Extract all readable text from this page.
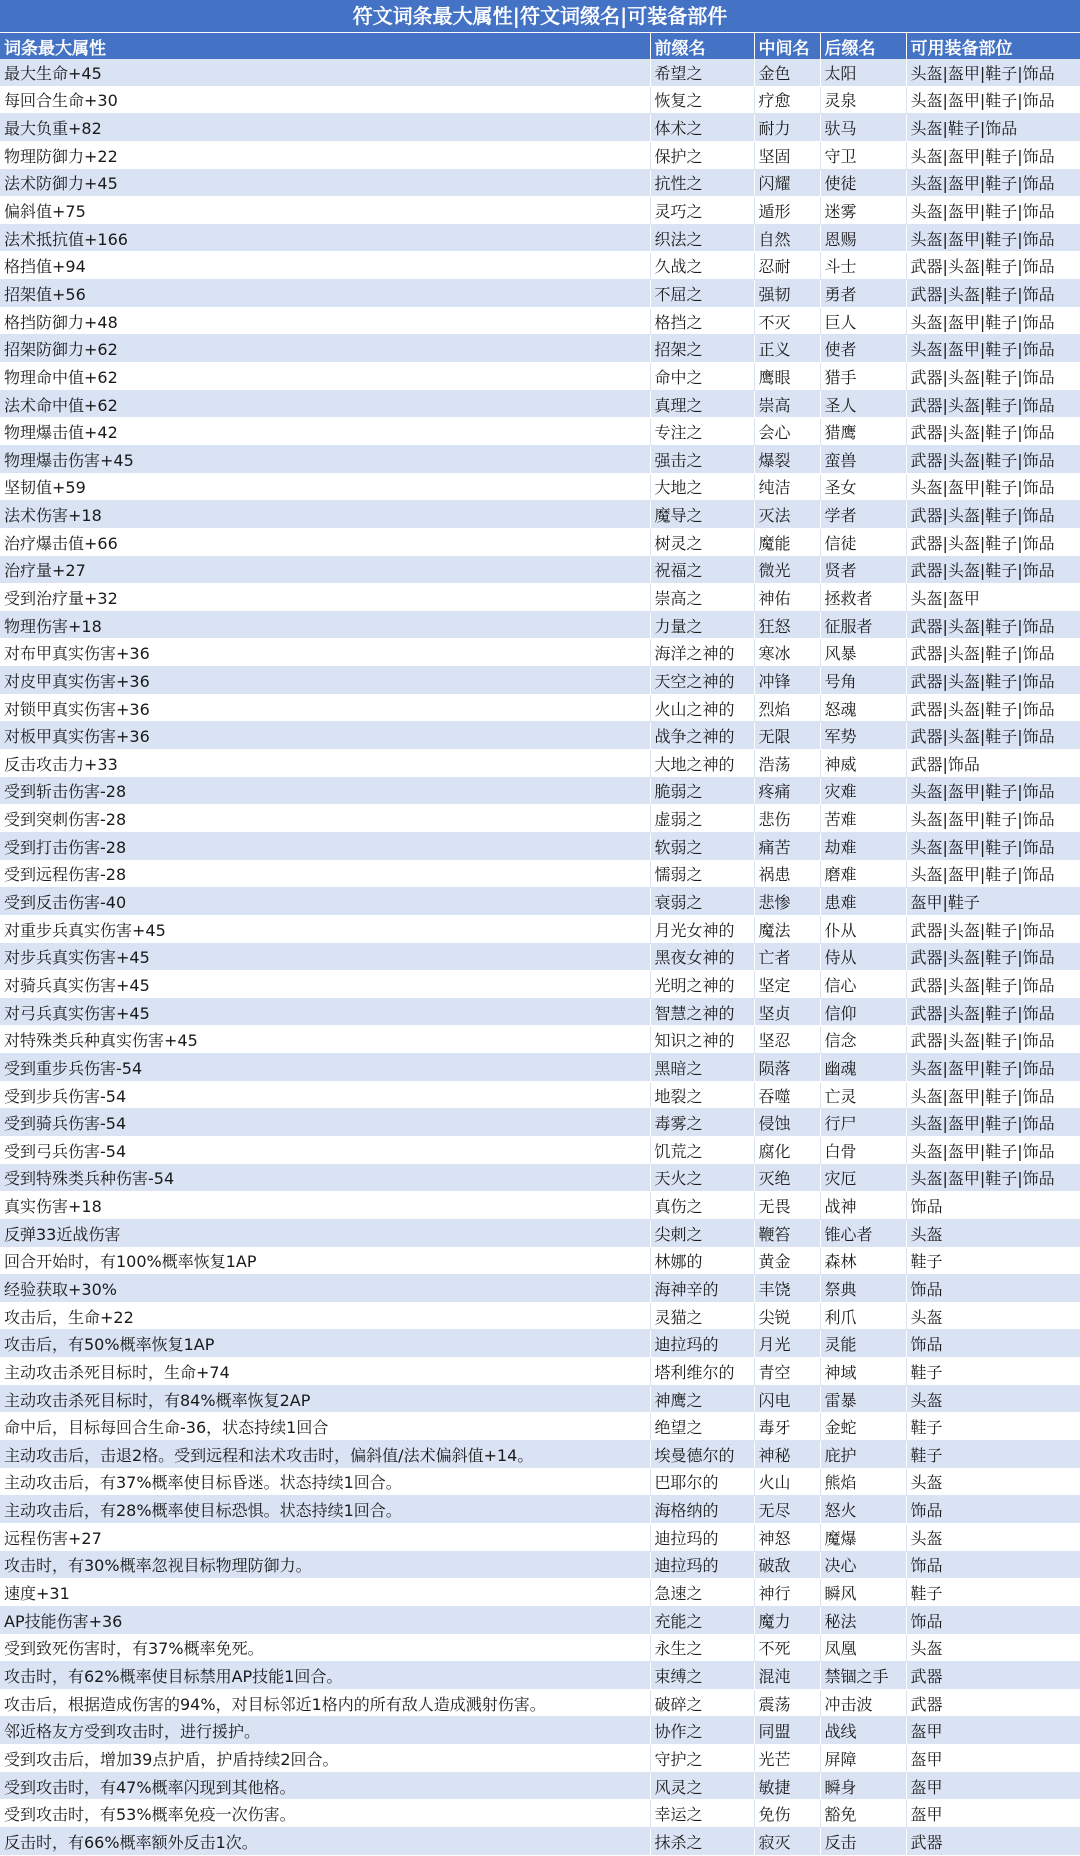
符文词条最大属性|符文词缀名|可装备部件
词条最大属性	前缀名	中间名	后缀名	可用装备部位
最大生命+45	希望之	金色	太阳	头盔|盔甲|鞋子|饰品
每回合生命+30	恢复之	疗愈	灵泉	头盔|盔甲|鞋子|饰品
最大负重+82	体术之	耐力	驮马	头盔|鞋子|饰品
物理防御力+22	保护之	坚固	守卫	头盔|盔甲|鞋子|饰品
法术防御力+45	抗性之	闪耀	使徒	头盔|盔甲|鞋子|饰品
偏斜值+75	灵巧之	遁形	迷雾	头盔|盔甲|鞋子|饰品
法术抵抗值+166	织法之	自然	恩赐	头盔|盔甲|鞋子|饰品
格挡值+94	久战之	忍耐	斗士	武器|头盔|鞋子|饰品
招架值+56	不屈之	强韧	勇者	武器|头盔|鞋子|饰品
格挡防御力+48	格挡之	不灭	巨人	头盔|盔甲|鞋子|饰品
招架防御力+62	招架之	正义	使者	头盔|盔甲|鞋子|饰品
物理命中值+62	命中之	鹰眼	猎手	武器|头盔|鞋子|饰品
法术命中值+62	真理之	崇高	圣人	武器|头盔|鞋子|饰品
物理爆击值+42	专注之	会心	猎鹰	武器|头盔|鞋子|饰品
物理爆击伤害+45	强击之	爆裂	蛮兽	武器|头盔|鞋子|饰品
坚韧值+59	大地之	纯洁	圣女	头盔|盔甲|鞋子|饰品
法术伤害+18	魔导之	灭法	学者	武器|头盔|鞋子|饰品
治疗爆击值+66	树灵之	魔能	信徒	武器|头盔|鞋子|饰品
治疗量+27	祝福之	微光	贤者	武器|头盔|鞋子|饰品
受到治疗量+32	崇高之	神佑	拯救者	头盔|盔甲
物理伤害+18	力量之	狂怒	征服者	武器|头盔|鞋子|饰品
对布甲真实伤害+36	海洋之神的	寒冰	风暴	武器|头盔|鞋子|饰品
对皮甲真实伤害+36	天空之神的	冲锋	号角	武器|头盔|鞋子|饰品
对锁甲真实伤害+36	火山之神的	烈焰	怒魂	武器|头盔|鞋子|饰品
对板甲真实伤害+36	战争之神的	无限	军势	武器|头盔|鞋子|饰品
反击攻击力+33	大地之神的	浩荡	神威	武器|饰品
受到斩击伤害-28	脆弱之	疼痛	灾难	头盔|盔甲|鞋子|饰品
受到突刺伤害-28	虚弱之	悲伤	苦难	头盔|盔甲|鞋子|饰品
受到打击伤害-28	软弱之	痛苦	劫难	头盔|盔甲|鞋子|饰品
受到远程伤害-28	懦弱之	祸患	磨难	头盔|盔甲|鞋子|饰品
受到反击伤害-40	衰弱之	悲惨	患难	盔甲|鞋子
对重步兵真实伤害+45	月光女神的	魔法	仆从	武器|头盔|鞋子|饰品
对步兵真实伤害+45	黑夜女神的	亡者	侍从	武器|头盔|鞋子|饰品
对骑兵真实伤害+45	光明之神的	坚定	信心	武器|头盔|鞋子|饰品
对弓兵真实伤害+45	智慧之神的	坚贞	信仰	武器|头盔|鞋子|饰品
对特殊类兵种真实伤害+45	知识之神的	坚忍	信念	武器|头盔|鞋子|饰品
受到重步兵伤害-54	黑暗之	陨落	幽魂	头盔|盔甲|鞋子|饰品
受到步兵伤害-54	地裂之	吞噬	亡灵	头盔|盔甲|鞋子|饰品
受到骑兵伤害-54	毒雾之	侵蚀	行尸	头盔|盔甲|鞋子|饰品
受到弓兵伤害-54	饥荒之	腐化	白骨	头盔|盔甲|鞋子|饰品
受到特殊类兵种伤害-54	天火之	灭绝	灾厄	头盔|盔甲|鞋子|饰品
真实伤害+18	真伤之	无畏	战神	饰品
反弹33近战伤害	尖刺之	鞭笞	锥心者	头盔
回合开始时，有100%概率恢复1AP	林娜的	黄金	森林	鞋子
经验获取+30%	海神辛的	丰饶	祭典	饰品
攻击后，生命+22	灵猫之	尖锐	利爪	头盔
攻击后，有50%概率恢复1AP	迪拉玛的	月光	灵能	饰品
主动攻击杀死目标时，生命+74	塔利维尔的	青空	神域	鞋子
主动攻击杀死目标时，有84%概率恢复2AP	神鹰之	闪电	雷暴	头盔
命中后，目标每回合生命-36，状态持续1回合	绝望之	毒牙	金蛇	鞋子
主动攻击后，击退2格。受到远程和法术攻击时，偏斜值/法术偏斜值+14。	埃曼德尔的	神秘	庇护	鞋子
主动攻击后，有37%概率使目标昏迷。状态持续1回合。	巴耶尔的	火山	熊焰	头盔
主动攻击后，有28%概率使目标恐惧。状态持续1回合。	海格纳的	无尽	怒火	饰品
远程伤害+27	迪拉玛的	神怒	魔爆	头盔
攻击时，有30%概率忽视目标物理防御力。	迪拉玛的	破敌	决心	饰品
速度+31	急速之	神行	瞬风	鞋子
AP技能伤害+36	充能之	魔力	秘法	饰品
受到致死伤害时，有37%概率免死。	永生之	不死	凤凰	头盔
攻击时，有62%概率使目标禁用AP技能1回合。	束缚之	混沌	禁锢之手	武器
攻击后，根据造成伤害的94%，对目标邻近1格内的所有敌人造成溅射伤害。	破碎之	震荡	冲击波	武器
邻近格友方受到攻击时，进行援护。	协作之	同盟	战线	盔甲
受到攻击后，增加39点护盾，护盾持续2回合。	守护之	光芒	屏障	盔甲
受到攻击时，有47%概率闪现到其他格。	风灵之	敏捷	瞬身	盔甲
受到攻击时，有53%概率免疫一次伤害。	幸运之	免伤	豁免	盔甲
反击时，有66%概率额外反击1次。	抹杀之	寂灭	反击	武器
